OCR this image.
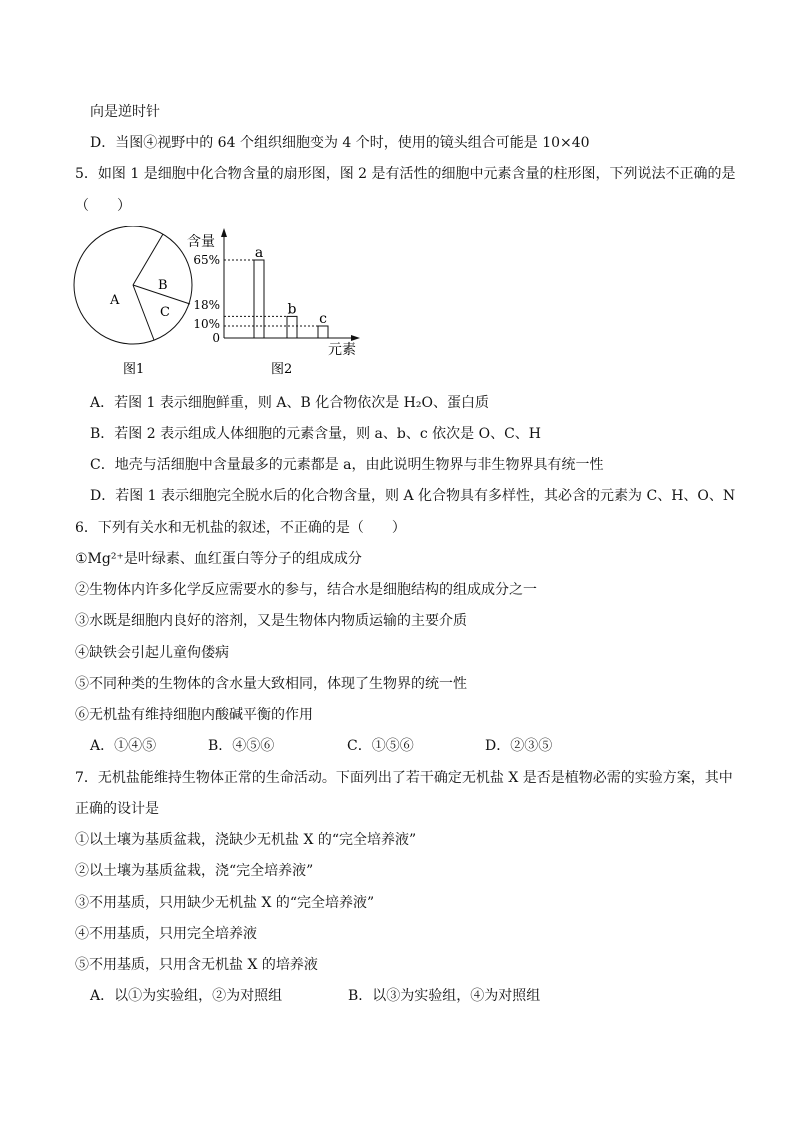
向是逆时针
D．当图④视野中的 64 个组织细胞变为 4 个时，使用的镜头组合可能是 10×40
5．如图 1 是细胞中化合物含量的扇形图，图 2 是有活性的细胞中元素含量的柱形图，下列说法不正确的是
（　　）
A
B
C
图1
含量
元素
65%
18%
10%
0
图2
a
b
c
A．若图 1 表示细胞鲜重，则 A、B 化合物依次是 H₂O、蛋白质
B．若图 2 表示组成人体细胞的元素含量，则 a、b、c 依次是 O、C、H
C．地壳与活细胞中含量最多的元素都是 a，由此说明生物界与非生物界具有统一性
D．若图 1 表示细胞完全脱水后的化合物含量，则 A 化合物具有多样性，其必含的元素为 C、H、O、N
6．下列有关水和无机盐的叙述，不正确的是（　　）
①Mg²⁺是叶绿素、血红蛋白等分子的组成成分
②生物体内许多化学反应需要水的参与，结合水是细胞结构的组成成分之一
③水既是细胞内良好的溶剂，又是生物体内物质运输的主要介质
④缺铁会引起儿童佝偻病
⑤不同种类的生物体的含水量大致相同，体现了生物界的统一性
⑥无机盐有维持细胞内酸碱平衡的作用
A．①④⑤	B．④⑤⑥	C．①⑤⑥	D．②③⑤
7．无机盐能维持生物体正常的生命活动。下面列出了若干确定无机盐 X 是否是植物必需的实验方案，其中
正确的设计是
①以土壤为基质盆栽，浇缺少无机盐 X 的“完全培养液”
②以土壤为基质盆栽，浇“完全培养液”
③不用基质，只用缺少无机盐 X 的“完全培养液”
④不用基质，只用完全培养液
⑤不用基质，只用含无机盐 X 的培养液
A．以①为实验组，②为对照组	B．以③为实验组，④为对照组
